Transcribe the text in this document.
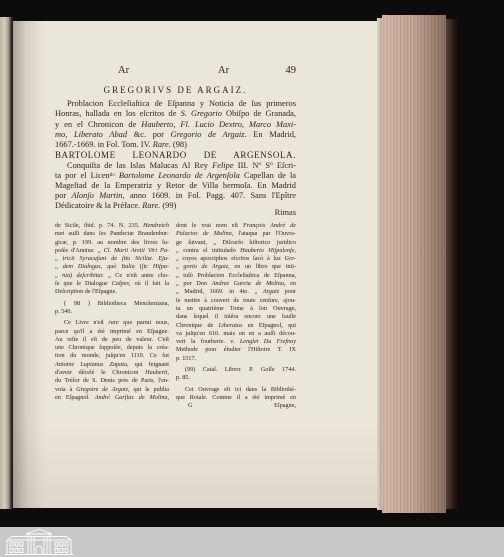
Ar	Ar	49
GREGORIVS DE ARGAIZ.
Problacion Eccleſiaſtica de Eſpanna y Noticia de ſus primeros
Honras, hallada en los eſcritos de S. Gregorio Obiſpo de Granada,
y en el Chronicon de Hauberto, Fl. Lucio Dextro, Marco Maxi-
mo, Liberato Abad &c. por Gregorio de Argaiz. En Madrid,
1667.-1669. in Fol. Tom. IV. Rare. (98)
BARTOLOME LEONARDO DE ARGENSOLA.
Conquiſta de las Islas Malucas Al Rey Felipe III. Nº Sº Eſcri-
ta por el Licenᵈᵒ Bartolome Leonardo de Argenſola Capellan de la
Mageſtad de la Emperatriz y Retor de Villa hermoſa. En Madrid
por Alonſo Martin, anno 1609. in Fol. Pagg. 407. Sans l'Epître
Dédicatoire & la Préface. Rare. (99)
Rimas
de Sicile, ibid. p. 74. N. 235. Hendreich
met auſſi dans ſes Pandectæ Brandenbur-
gicæ, p. 199. au nombre des livres ſu-
poſés d'Annius: „ Cl. Marii Aretii Viri Pa-
„ tricii Syracuſani de ſitu Siciliæ. Eju-
„ dem Dialogus, quò Italia (ſic Hiſpa-
„ nia) deſcribitur. „ Ce n'eſt autre cho-
ſe que le Dialogue Calpes, où il fait la
Deſcription de l'Eſpagne.
( 98 ) Bibliotheca Menckeniana,
p. 540.
Ce Livre n'eſt rare que parmi nous,
parce qu'il a été imprimé en Eſpagne.
Au reſte il eſt de peu de valeur. C'eſt
une Chronique ſuppoſée, depuis la créa-
tion du monde, juſqu'en 1119. Ce fut
Antoine Lupianus Zapata, qui feignant
d'avoir décelé le Chronicon Hauberti,
du Tréſor de S. Denis près de Paris, l'en-
voia à Gregoire de Argaiz, qui le publia
en Eſpagnol. André Garſias de Molina,
dont le vrai nom eſt François André de
Palacios de Molina, l'ataqua par l'Ouvra-
ge ſuivant, „ Diſcurſo hiſtorico juridico
„ contra el intitulado Hauberto Hiſpalenſe,
„ cuyos apocriphos eſcritos ſacò à luz Gre-
„ gorio de Argaiz, en un libro que inti-
„ tulò Problacion Eccleſiaſtica de Eſpanna,
„ por Don Andrez Garcia de Molina, en
„ Madrid, 1669. in 4to. „ Argaiz pour
ſe mettre à couvert de toute cenſure, ajou-
ta un quatrième Tome à ſon Ouvrage,
dans lequel il inſéra encore une fauſſe
Chronique de Liberatus en Eſpagnol, qui
va juſqu'en 610. mais on en a auſſi décou-
vert la fourberie. v. Lenglet Du Freſnoy
Methode pour étudier l'Hiſtoire T. IX
p. 1517.
(99) Catal. Libror. P. Goſſe 1744.
p. 85.
Cet Ouvrage eſt ici dans la Bibliothè-
que Roiale. Comme il a été imprimé en
G	Eſpagne,
